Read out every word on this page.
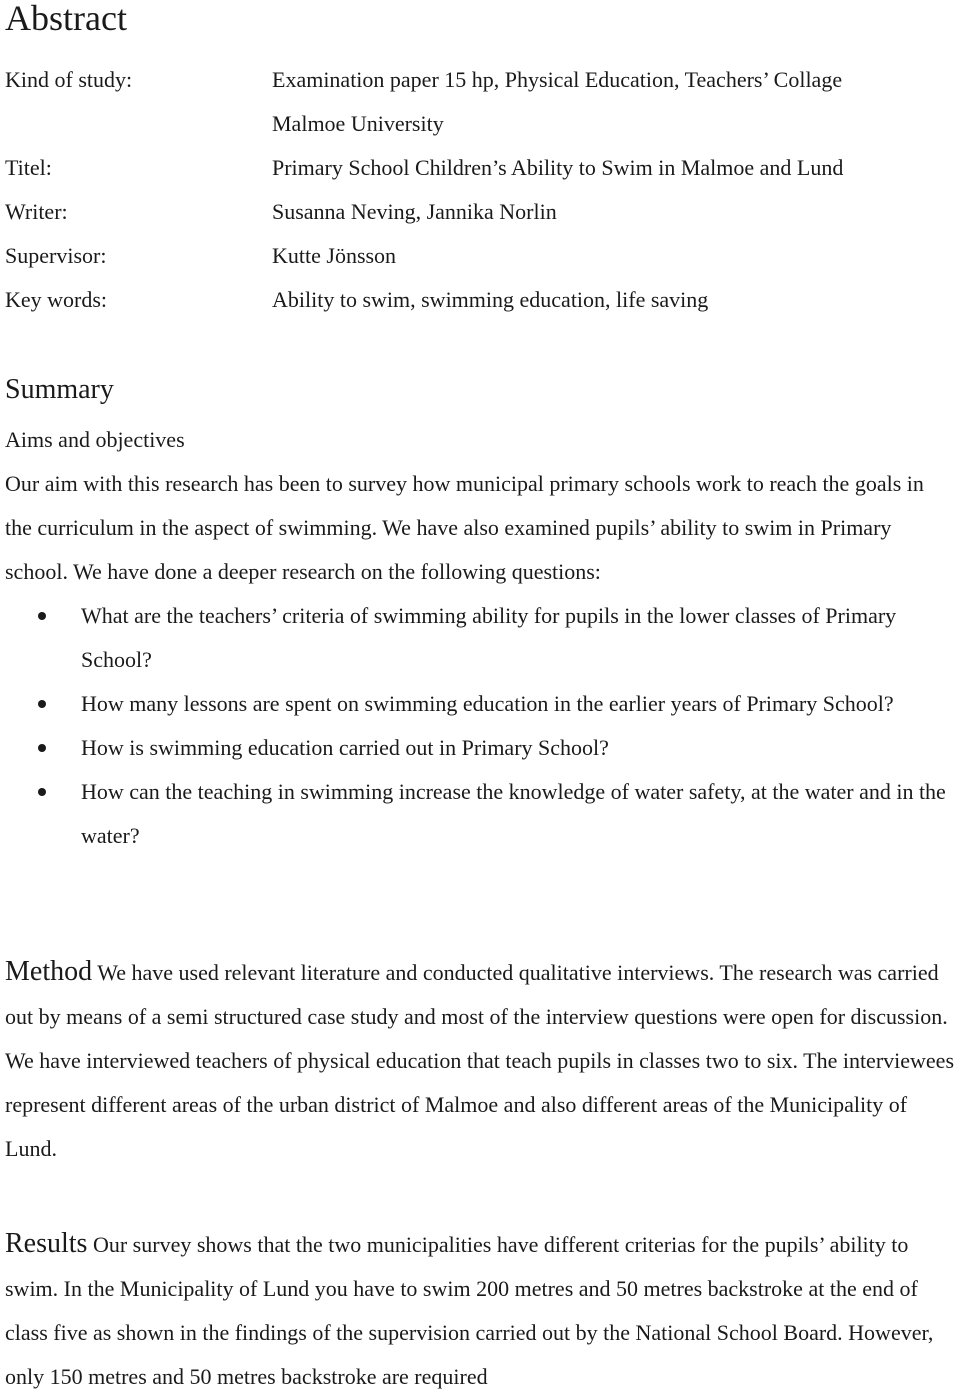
Abstract
Kind of study:	Examination paper 15 hp, Physical Education, Teachers’ Collage
Malmoe University
Titel:	Primary School Children’s Ability to Swim in Malmoe and Lund
Writer:	Susanna Neving, Jannika Norlin
Supervisor:	Kutte Jönsson
Key words:	Ability to swim, swimming education, life saving
Summary
Aims and objectives

Our aim with this research has been to survey how municipal primary schools work to reach the goals in the curriculum in the aspect of swimming. We have also examined pupils’ ability to swim in Primary school. We have done a deeper research on the following questions:

What are the teachers’ criteria of swimming ability for pupils in the lower classes of Primary School?
How many lessons are spent on swimming education in the earlier years of Primary School?
How is swimming education carried out in Primary School?
How can the teaching in swimming increase the knowledge of water safety, at the water and in the water?

Method We have used relevant literature and conducted qualitative interviews. The research was carried out by means of a semi structured case study and most of the interview questions were open for discussion. We have interviewed teachers of physical education that teach pupils in classes two to six. The interviewees represent different areas of the urban district of Malmoe and also different areas of the Municipality of Lund.

Results Our survey shows that the two municipalities have different criterias for the pupils’ ability to swim. In the Municipality of Lund you have to swim 200 metres and 50 metres backstroke at the end of class five as shown in the findings of the supervision carried out by the National School Board. However, only 150 metres and 50 metres backstroke are required
